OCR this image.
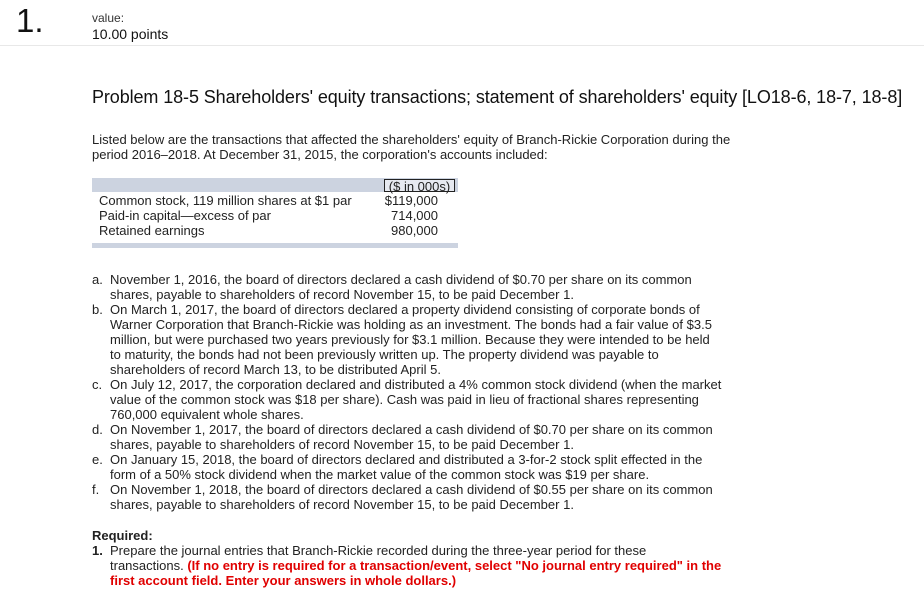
1.	value:
10.00 points
Problem 18-5 Shareholders' equity transactions; statement of shareholders' equity [LO18-6, 18-7, 18-8]
Listed below are the transactions that affected the shareholders' equity of Branch-Rickie Corporation during the period 2016–2018. At December 31, 2015, the corporation's accounts included:
($ in 000s)
Common stock, 119 million shares at $1 par	$119,000
Paid-in capital—excess of par	714,000
Retained earnings	980,000
a. November 1, 2016, the board of directors declared a cash dividend of $0.70 per share on its common shares, payable to shareholders of record November 15, to be paid December 1.
b. On March 1, 2017, the board of directors declared a property dividend consisting of corporate bonds of Warner Corporation that Branch-Rickie was holding as an investment. The bonds had a fair value of $3.5 million, but were purchased two years previously for $3.1 million. Because they were intended to be held to maturity, the bonds had not been previously written up. The property dividend was payable to shareholders of record March 13, to be distributed April 5.
c. On July 12, 2017, the corporation declared and distributed a 4% common stock dividend (when the market value of the common stock was $18 per share). Cash was paid in lieu of fractional shares representing 760,000 equivalent whole shares.
d. On November 1, 2017, the board of directors declared a cash dividend of $0.70 per share on its common shares, payable to shareholders of record November 15, to be paid December 1.
e. On January 15, 2018, the board of directors declared and distributed a 3-for-2 stock split effected in the form of a 50% stock dividend when the market value of the common stock was $19 per share.
f. On November 1, 2018, the board of directors declared a cash dividend of $0.55 per share on its common shares, payable to shareholders of record November 15, to be paid December 1.
Required:
1. Prepare the journal entries that Branch-Rickie recorded during the three-year period for these transactions. (If no entry is required for a transaction/event, select "No journal entry required" in the first account field. Enter your answers in whole dollars.)
